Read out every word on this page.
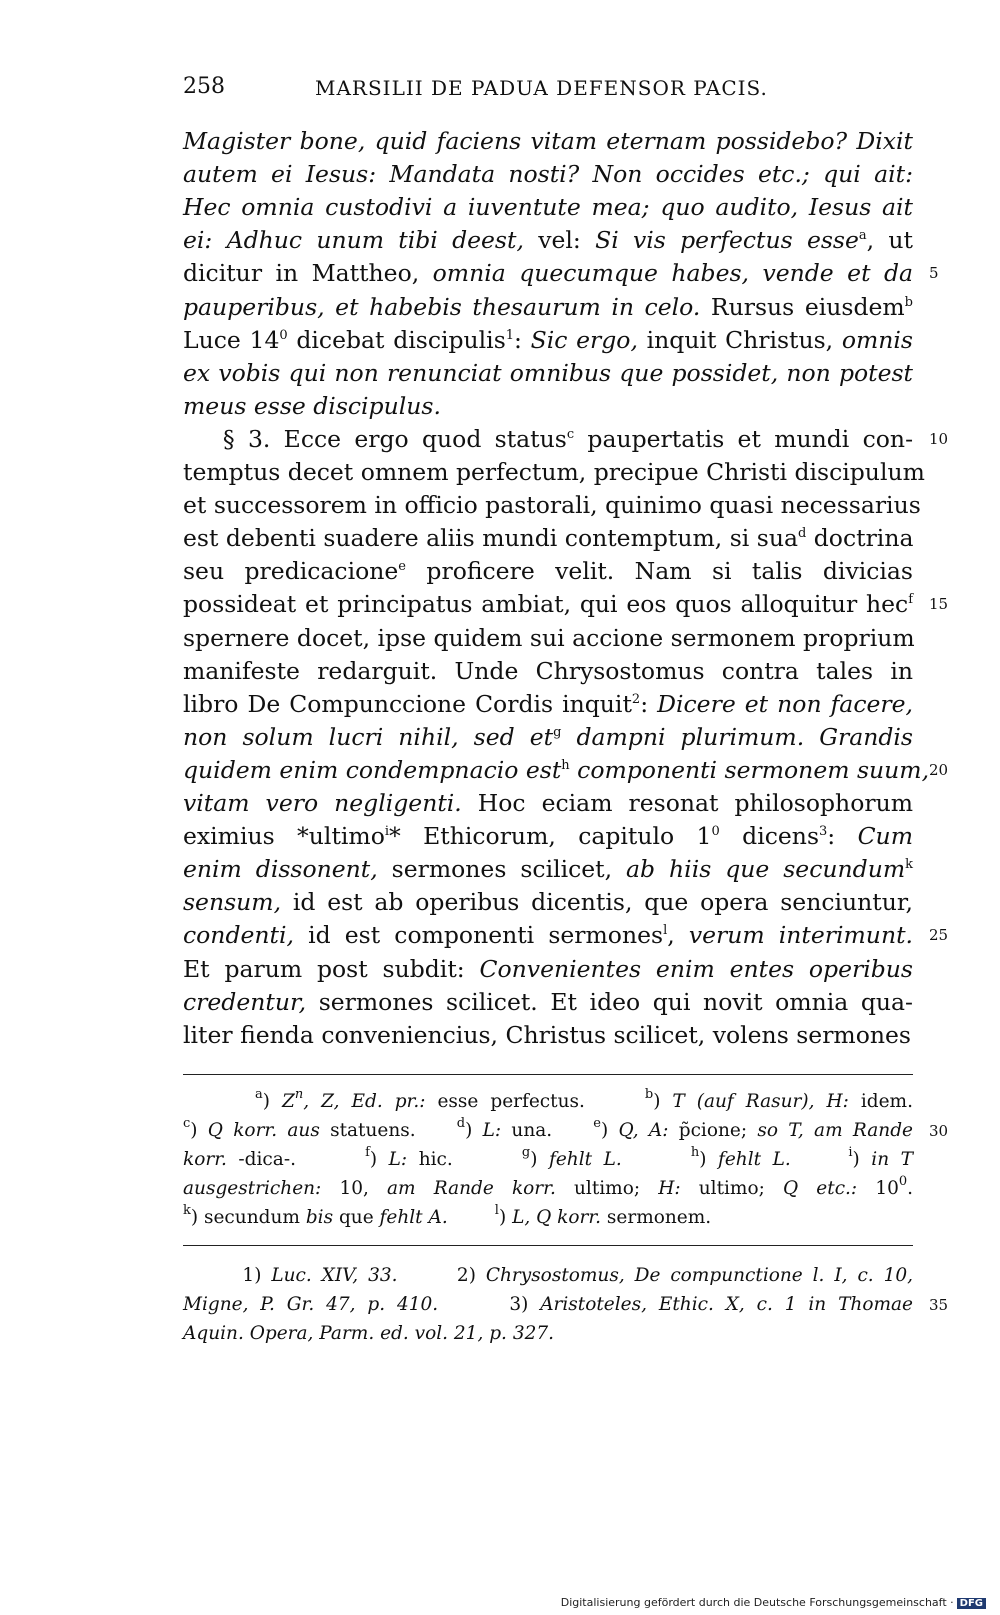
258	MARSILII DE PADUA DEFENSOR PACIS.
Magister bone, quid faciens vitam eternam possidebo? Dixit
autem ei Iesus: Mandata nosti? Non occides etc.; qui ait:
Hec omnia custodivi a iuventute mea; quo audito, Iesus ait
ei: Adhuc unum tibi deest, vel: Si vis perfectus esse$^a$, ut
dicitur in Mattheo, omnia quecumque habes, vende et da
pauperibus, et habebis thesaurum in celo. Rursus eiusdem$^b$
Luce $14^0$ dicebat discipulis$^1$: Sic ergo, inquit Christus, omnis
ex vobis qui non renunciat omnibus que possidet, non potest
meus esse discipulus.
§ 3. Ecce ergo quod status$^c$ paupertatis et mundi con-
temptus decet omnem perfectum, precipue Christi discipulum
et successorem in officio pastorali, quinimo quasi necessarius
est debenti suadere aliis mundi contemptum, si sua$^d$ doctrina
seu predicacione$^e$ proficere velit. Nam si talis divicias
possideat et principatus ambiat, qui eos quos alloquitur hec$^f$
spernere docet, ipse quidem sui accione sermonem proprium
manifeste redarguit. Unde Chrysostomus contra tales in
libro De Compunccione Cordis inquit$^2$: Dicere et non facere,
non solum lucri nihil, sed $et^g$ dampni plurimum. Grandis
quidem enim condempnacio est$^h$ componenti sermonem suum,
vitam vero negligenti. Hoc eciam resonat philosophorum
eximius *ultimo$^i$* Ethicorum, capitulo $1^0$ dicens$^3$: Cum
enim dissonent, sermones scilicet, ab hiis que secundum$^k$
sensum, id est ab operibus dicentis, que opera senciuntur,
condenti, id est componenti sermones$^l$, verum interimunt.
Et parum post subdit: Convenientes enim entes operibus
credentur, sermones scilicet. Et ideo qui novit omnia qua-
liter fienda conveniencius, Christus scilicet, volens sermones
5
10
15
20
25
$^a$) $Z^n$, Z, Ed. pr.: esse perfectus.     $^b$) T (auf Rasur), H: idem.
$^c$) Q korr. aus statuens.    $^d$) L: una.    $^e$) Q, A: p̃cione; so T, am Rande
korr. -dica-.      $^f$) L: hic.      $^g$) fehlt L.	$^h$) fehlt L.	$^i$) in T
ausgestrichen: 10, am Rande korr. ultimo; H: ultimo; Q etc.: $10^0$.
$^k$) secundum bis que fehlt A.	$^l$) L, Q korr. sermonem.
30
1) Luc. XIV, 33.      2) Chrysostomus, De compunctione l. I, c. 10,
Migne, P. Gr. 47, p. 410.      3) Aristoteles, Ethic. X, c. 1 in Thomae
Aquin. Opera, Parm. ed. vol. 21, p. 327.
35
Digitalisierung gefördert durch die Deutsche Forschungsgemeinschaft · DFG
